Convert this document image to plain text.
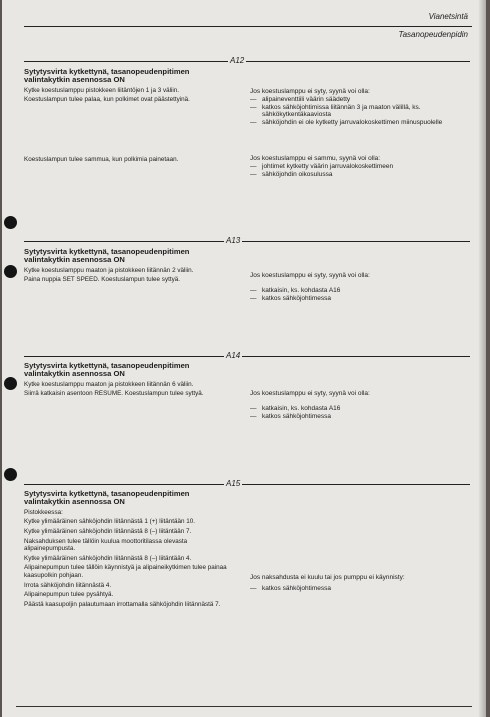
Vianetsintä
Tasanopeudenpidin
A12
Sytytysvirta kytkettynä, tasanopeudenpitimen valintakytkin asennossa ON

Kytke koestuslamppu pistokkeen liitäntöjen 1 ja 3 väliin.

Koestuslampun tulee palaa, kun polkimet ovat päästettyinä.

Koestuslampun tulee sammua, kun polkimia painetaan.

Jos koestuslamppu ei syty, syynä voi olla:

— alipaineventtiili väärin säädetty
— katkos sähköjohtimissa liitännän 3 ja maaton välillä, ks. sähkökytkentäkaaviosta
— sähköjohdin ei ole kytketty jarruvalokoskettimen miinuspuolelle

Jos koestuslamppu ei sammu, syynä voi olla:

— johtimet kytketty väärin jarruvalokoskettimeen
— sähköjohdin oikosulussa
A13
Sytytysvirta kytkettynä, tasanopeudenpitimen valintakytkin asennossa ON

Kytke koestuslamppu maaton ja pistokkeen liitännän 2 väliin.

Paina nuppia SET SPEED. Koestuslampun tulee syttyä.

Jos koestuslamppu ei syty, syynä voi olla:

— katkaisin, ks. kohdasta A16
— katkos sähköjohtimessa
A14
Sytytysvirta kytkettynä, tasanopeudenpitimen valintakytkin asennossa ON

Kytke koestuslamppu maaton ja pistokkeen liitännän 6 väliin.

Siirrä katkaisin asentoon RESUME. Koestuslampun tulee syttyä.	Jos koestuslamppu ei syty, syynä voi olla:

— katkaisin, ks. kohdasta A16
— katkos sähköjohtimessa
A15
Sytytysvirta kytkettynä, tasanopeudenpitimen valintakytkin asennossa ON

Pistokkeessa:

Kytke ylimääräinen sähköjohdin liitännästä 1 (+) liitäntään 10.

Kytke ylimääräinen sähköjohdin liitännästä 8 (–) liitäntään 7.

Naksahduksen tulee tällöin kuulua moottoritilassa olevasta alipainepumpusta.

Kytke ylimääräinen sähköjohdin liitännästä 8 (–) liitäntään 4.

Alipainepumpun tulee tällöin käynnistyä ja alipaineikytkimen tulee painaa kaasupolkin pohjaan.

Irrota sähköjohdin liitännästä 4.

Alipainepumpun tulee pysähtyä.

Päästä kaasupoljin palautumaan irrottamalla sähköjohdin liitännästä 7.

Jos naksahdusta ei kuulu tai jos pumppu ei käynnisty:

— katkos sähköjohtimessa
